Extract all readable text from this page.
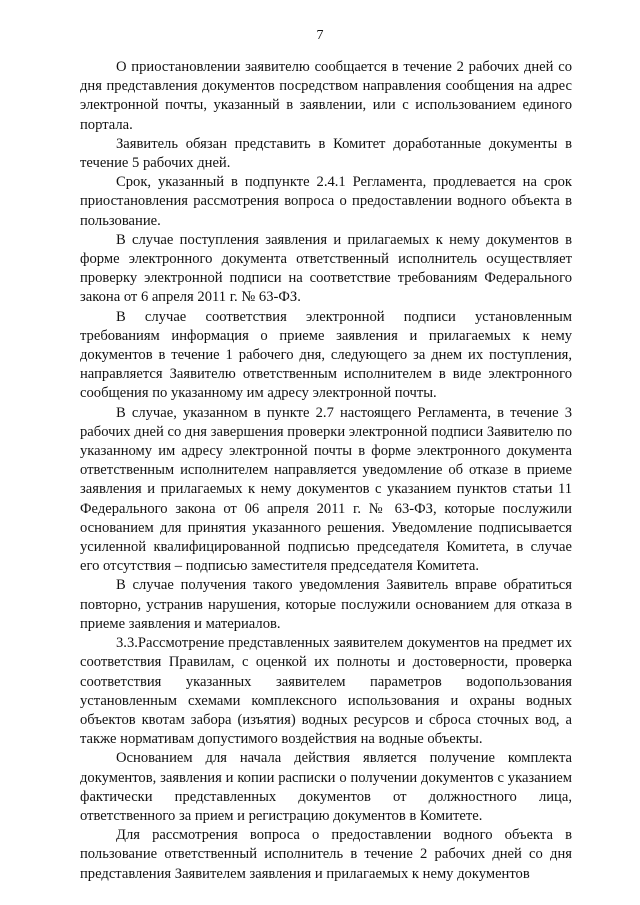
7

О приостановлении заявителю сообщается в течение 2 рабочих дней со дня представления документов посредством направления сообщения на адрес электронной почты, указанный в заявлении, или с использованием единого портала.

Заявитель обязан представить в Комитет доработанные документы в течение 5 рабочих дней.

Срок, указанный в подпункте 2.4.1 Регламента, продлевается на срок приостановления рассмотрения вопроса о предоставлении водного объекта в пользование.

В случае поступления заявления и прилагаемых к нему документов в форме электронного документа ответственный исполнитель осуществляет проверку электронной подписи на соответствие требованиям Федерального закона от 6 апреля 2011 г. № 63-ФЗ.

В случае соответствия электронной подписи установленным требованиям информация о приеме заявления и прилагаемых к нему документов в течение 1 рабочего дня, следующего за днем их поступления, направляется Заявителю ответственным исполнителем в виде электронного сообщения по указанному им адресу электронной почты.

В случае, указанном в пункте 2.7 настоящего Регламента, в течение 3 рабочих дней со дня завершения проверки электронной подписи Заявителю по указанному им адресу электронной почты в форме электронного документа ответственным исполнителем направляется уведомление об отказе в приеме заявления и прилагаемых к нему документов с указанием пунктов статьи 11 Федерального закона от 06 апреля 2011 г. № 63-ФЗ, которые послужили основанием для принятия указанного решения. Уведомление подписывается усиленной квалифицированной подписью председателя Комитета, в случае его отсутствия – подписью заместителя председателя Комитета.

В случае получения такого уведомления Заявитель вправе обратиться повторно, устранив нарушения, которые послужили основанием для отказа в приеме заявления и материалов.

3.3.Рассмотрение представленных заявителем документов на предмет их соответствия Правилам, с оценкой их полноты и достоверности, проверка соответствия указанных заявителем параметров водопользования установленным схемами комплексного использования и охраны водных объектов квотам забора (изъятия) водных ресурсов и сброса сточных вод, а также нормативам допустимого воздействия на водные объекты.

Основанием для начала действия является получение комплекта документов, заявления и копии расписки о получении документов с указанием фактически представленных документов от должностного лица, ответственного за прием и регистрацию документов в Комитете.

Для рассмотрения вопроса о предоставлении водного объекта в пользование ответственный исполнитель в течение 2 рабочих дней со дня представления Заявителем заявления и прилагаемых к нему документов
